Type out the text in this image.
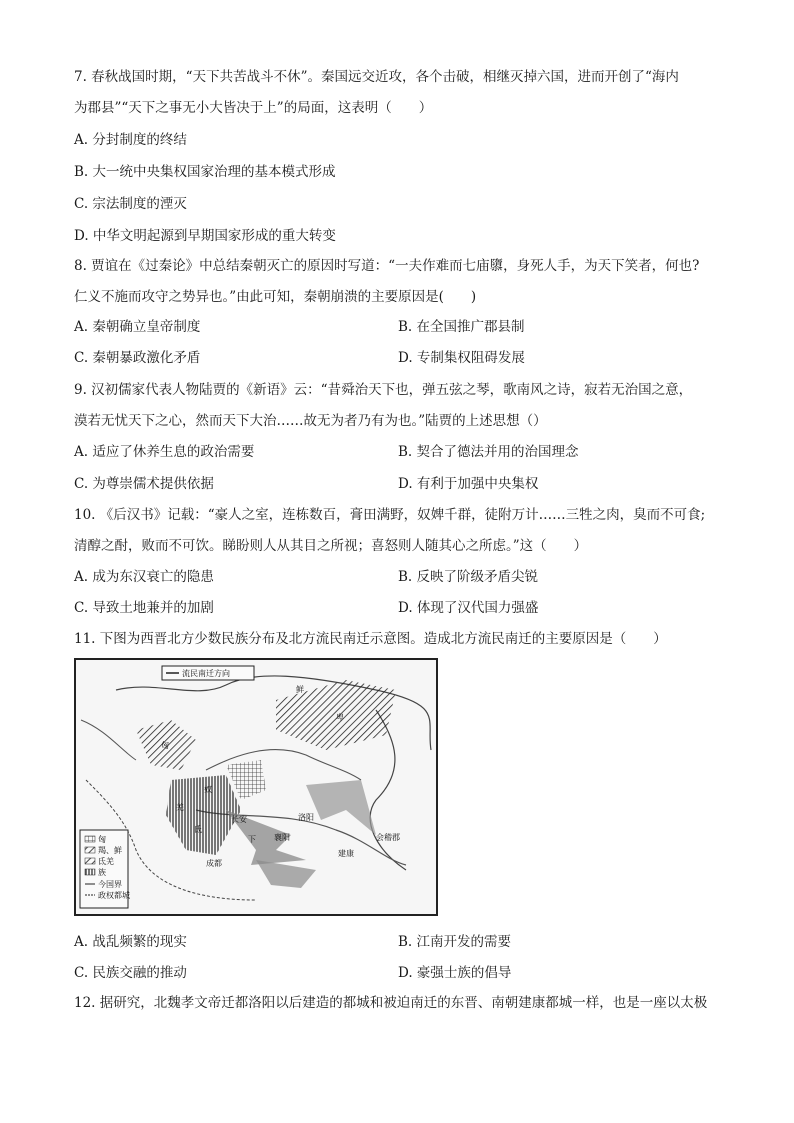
7. 春秋战国时期，“天下共苦战斗不休”。秦国远交近攻，各个击破，相继灭掉六国，进而开创了“海内
为郡县”“天下之事无小大皆决于上”的局面，这表明（　　）
A. 分封制度的终结
B. 大一统中央集权国家治理的基本模式形成
C. 宗法制度的湮灭
D. 中华文明起源到早期国家形成的重大转变
8. 贾谊在《过秦论》中总结秦朝灭亡的原因时写道：“一夫作难而七庙隳，身死人手，为天下笑者，何也?
仁义不施而攻守之势异也。”由此可知，秦朝崩溃的主要原因是(　　)
A. 秦朝确立皇帝制度	B. 在全国推广郡县制
C. 秦朝暴政激化矛盾	D. 专制集权阻碍发展
9. 汉初儒家代表人物陆贾的《新语》云：“昔舜治天下也，弹五弦之琴，歌南风之诗，寂若无治国之意，
漠若无忧天下之心，然而天下大治……故无为者乃有为也。”陆贾的上述思想（）
A. 适应了休养生息的政治需要	B. 契合了德法并用的治国理念
C. 为尊崇儒术提供依据	D. 有利于加强中央集权
10. 《后汉书》记载：“豪人之室，连栋数百，膏田满野，奴婢千群，徒附万计……三牲之肉，臭而不可食;
清醇之酎，败而不可饮。睇盼则人从其目之所视；喜怒则人随其心之所虑。”这（　　）
A. 成为东汉衰亡的隐患	B. 反映了阶级矛盾尖锐
C. 导致土地兼并的加剧	D. 体现了汉代国力强盛
11. 下图为西晋北方少数民族分布及北方流民南迁示意图。造成北方流民南迁的主要原因是（　　）
匈
羯、鲜
氐羌
族
今国界
政权都城
流民南迁方向
鲜
卑
匈
奴
羌
氐
洛阳
长安
建康
成都
会稽郡
襄阳
下
A. 战乱频繁的现实	B. 江南开发的需要
C. 民族交融的推动	D. 豪强士族的倡导
12. 据研究，北魏孝文帝迁都洛阳以后建造的都城和被迫南迁的东晋、南朝建康都城一样，也是一座以太极
